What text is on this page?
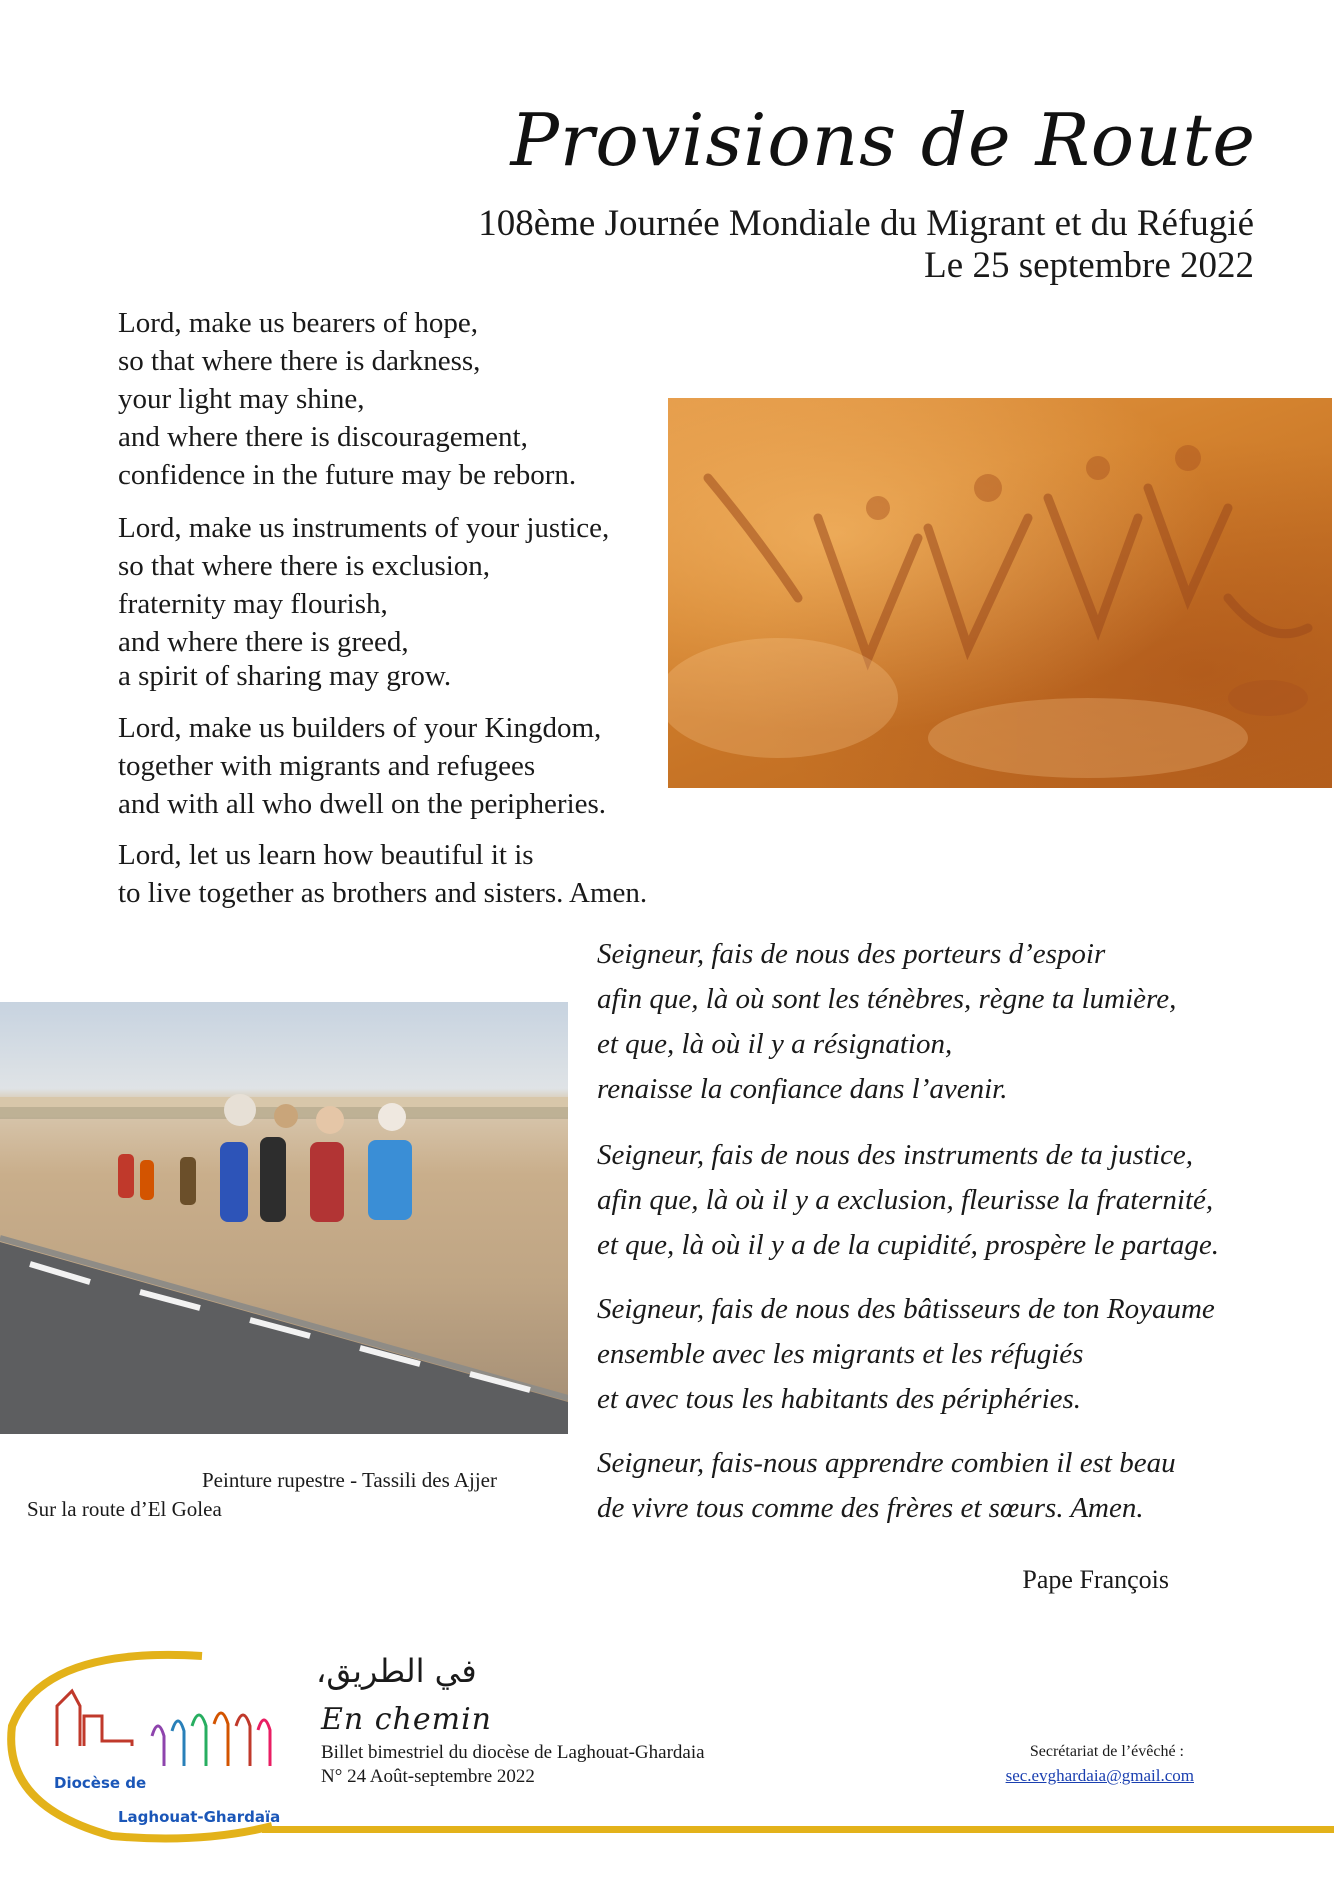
Provisions de Route
108ème Journée Mondiale du Migrant et du Réfugié
Le 25 septembre 2022
Lord, make us bearers of hope,
so that where there is darkness,
your light may shine,
and where there is discouragement,
confidence in the future may be reborn.
Lord, make us instruments of your justice,
so that where there is exclusion,
fraternity may flourish,
and where there is greed,
a spirit of sharing may grow.
Lord, make us builders of your Kingdom,
together with migrants and refugees
and with all who dwell on the peripheries.
Lord, let us learn how beautiful it is
to live together as brothers and sisters. Amen.
Peinture rupestre - Tassili des Ajjer
Sur la route d’El Golea
Seigneur, fais de nous des porteurs d’espoir
afin que, là où sont les ténèbres, règne ta lumière,
et que, là où il y a résignation,
renaisse la confiance dans l’avenir.
Seigneur, fais de nous des instruments de ta justice,
afin que, là où il y a exclusion, fleurisse la fraternité,
et que, là où il y a de la cupidité, prospère le partage.
Seigneur, fais de nous des bâtisseurs de ton Royaume
ensemble avec les migrants et les réfugiés
et avec tous les habitants des périphéries.
Seigneur, fais-nous apprendre combien il est beau
de vivre tous comme des frères et sœurs. Amen.
Pape François
Diocèse de
Laghouat-Ghardaïa
في الطريق،
En chemin
Billet bimestriel du diocèse de Laghouat-Ghardaia
N° 24 Août-septembre 2022
Secrétariat de l’évêché :
sec.evghardaia@gmail.com
